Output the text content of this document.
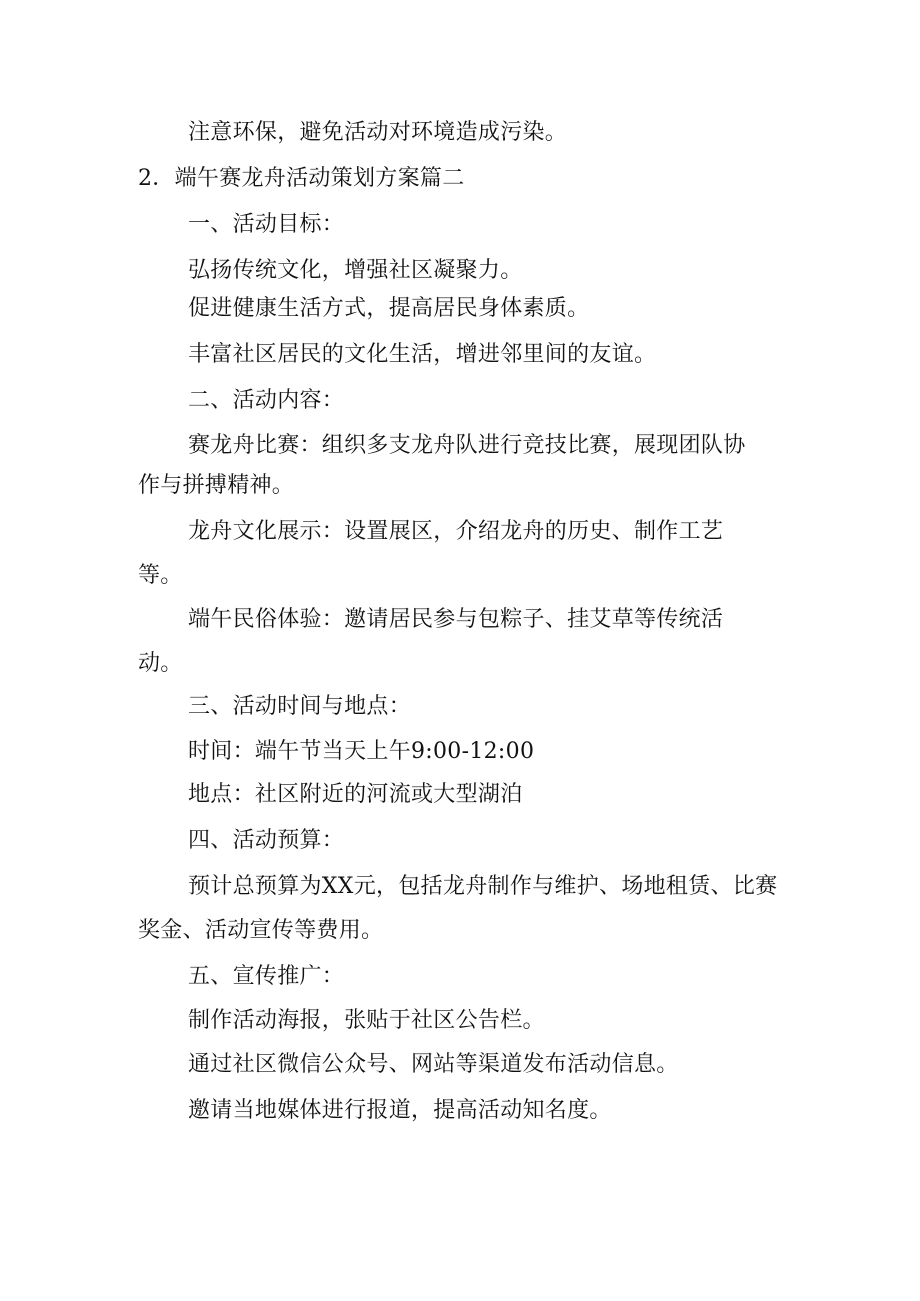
注意环保，避免活动对环境造成污染。
2．端午赛龙舟活动策划方案篇二
一、活动目标：
弘扬传统文化，增强社区凝聚力。
促进健康生活方式，提高居民身体素质。
丰富社区居民的文化生活，增进邻里间的友谊。
二、活动内容：
赛龙舟比赛：组织多支龙舟队进行竞技比赛，展现团队协
作与拼搏精神。
龙舟文化展示：设置展区，介绍龙舟的历史、制作工艺
等。
端午民俗体验：邀请居民参与包粽子、挂艾草等传统活
动。
三、活动时间与地点：
时间：端午节当天上午9:00-12:00
地点：社区附近的河流或大型湖泊
四、活动预算：
预计总预算为XX元，包括龙舟制作与维护、场地租赁、比赛
奖金、活动宣传等费用。
五、宣传推广：
制作活动海报，张贴于社区公告栏。
通过社区微信公众号、网站等渠道发布活动信息。
邀请当地媒体进行报道，提高活动知名度。
